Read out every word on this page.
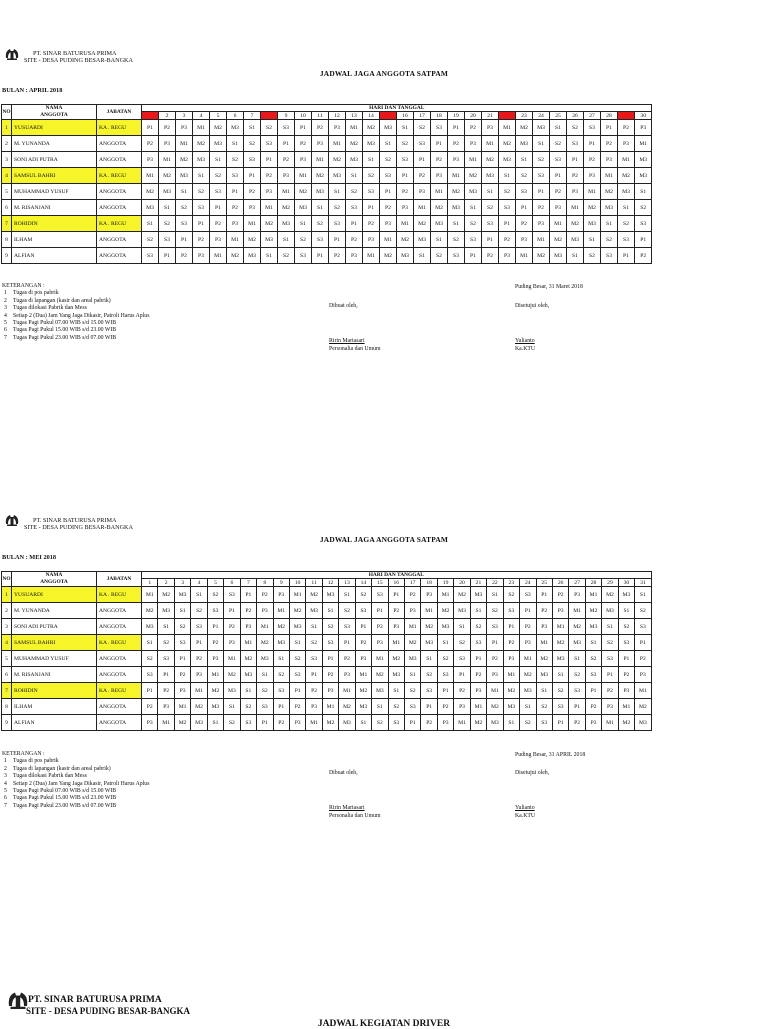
PT. SINAR BATURUSA PRIMA
SITE - DESA PUDING BESAR-BANGKA
JADWAL JAGA ANGGOTA SATPAM
BULAN : APRIL 2018
NO	NAMA	JABATAN	HARI DAN TANGGAL																													
	ANGGOTA		1	2	3	4	5	6	7	8	9	10	11	12	13	14	15	16	17	18	19	20	21	22	23	24	25	26	27	28	29	30
1	YUSUARDI	KA . REGU	P1	P2	P3	M1	M2	M3	S1	S2	S3	P1	P2	P3	M1	M2	M3	S1	S2	S3	P1	P2	P3	M1	M2	M3	S1	S2	S3	P1	P2	P3
2	M. YUNANDA	ANGGOTA	P2	P3	M1	M2	M3	S1	S2	S3	P1	P2	P3	M1	M2	M3	S1	S2	S3	P1	P2	P3	M1	M2	M3	S1	S2	S3	P1	P2	P3	M1
3	SONI ADI PUTRA	ANGGOTA	P3	M1	M2	M3	S1	S2	S3	P1	P2	P3	M1	M2	M3	S1	S2	S3	P1	P2	P3	M1	M2	M3	S1	S2	S3	P1	P2	P3	M1	M3
4	SAMSUL BAHRI	KA . REGU	M1	M2	M3	S1	S2	S3	P1	P2	P3	M1	M2	M3	S1	S2	S3	P1	P2	P3	M1	M2	M3	S1	S2	S3	P1	P2	P3	M1	M2	M3
5	MUHAMMAD YUSUF	ANGGOTA	M2	M3	S1	S2	S3	P1	P2	P3	M1	M2	M3	S1	S2	S3	P1	P2	P3	M1	M2	M3	S1	S2	S3	P1	P2	P3	M1	M2	M3	S1
6	M. RISANJANI	ANGGOTA	M3	S1	S2	S3	P1	P2	P3	M1	M2	M3	S1	S2	S3	P1	P2	P3	M1	M2	M3	S1	S2	S3	P1	P2	P3	M1	M2	M3	S1	S2
7	ROHIDIN	KA . REGU	S1	S2	S3	P1	P2	P3	M1	M2	M3	S1	S2	S3	P1	P2	P3	M1	M2	M3	S1	S2	S3	P1	P2	P3	M1	M2	M3	S1	S2	S3
8	ILHAM	ANGGOTA	S2	S3	P1	P2	P3	M1	M2	M3	S1	S2	S3	P1	P2	P3	M1	M2	M3	S1	S2	S3	P1	P2	P3	M1	M2	M3	S1	S2	S3	P1
9	ALFIAN	ANGGOTA	S3	P1	P2	P3	M1	M2	M3	S1	S2	S3	P1	P2	P3	M1	M2	M3	S1	S2	S3	P1	P2	P3	M1	M2	M3	S1	S2	S3	P1	P2
KETERANGAN :
1	Tugas di pos pabrik
2	Tugas di lapangan (kasir dan areal pabrik)
3	Tugas dilokasi Pabrik dan Mess
4	Setiap 2 (Dua) Jam Yang Jaga Dikasir, Patroli Harus Aplus
5	Tugas Pagi Pukul 07.00 WIB s/d 15.00 WIB
6	Tugas Pagi Pukul 15.00 WIB s/d 23.00 WIB
7	Tugas Pagi Pukul 23.00 WIB s/d 07.00 WIB
Puding Besar, 31 Maret 2018
Dibuat oleh,	Disetujui oleh,
Ririn Martasari
Personalia dan Umum
Yulianto
Ka.KTU
PT. SINAR BATURUSA PRIMA
SITE - DESA PUDING BESAR-BANGKA
JADWAL JAGA ANGGOTA SATPAM
BULAN : MEI 2018
NO	NAMA	JABATAN	HARI DAN TANGGAL																														
	ANGGOTA		1	2	3	4	5	6	7	8	9	10	11	12	13	14	15	16	17	18	19	20	21	22	23	24	25	26	27	28	29	30	31
1	YUSUARDI	KA . REGU	M1	M2	M3	S1	S2	S3	P1	P2	P3	M1	M2	M3	S1	S2	S3	P1	P2	P3	M1	M2	M3	S1	S2	S3	P1	P2	P3	M1	M2	M3	S1
2	M. YUNANDA	ANGGOTA	M2	M3	S1	S2	S3	P1	P2	P3	M1	M2	M3	S1	S2	S3	P1	P2	P3	M1	M2	M3	S1	S2	S3	P1	P2	P3	M1	M2	M3	S1	S2
3	SONI ADI PUTRA	ANGGOTA	M3	S1	S2	S3	P1	P2	P3	M1	M2	M3	S1	S2	S3	P1	P2	P3	M1	M2	M3	S1	S2	S3	P1	P2	P3	M1	M2	M3	S1	S2	S3
4	SAMSUL BAHRI	KA . REGU	S1	S2	S3	P1	P2	P3	M1	M2	M3	S1	S2	S3	P1	P2	P3	M1	M2	M3	S1	S2	S3	P1	P2	P3	M1	M2	M3	S1	S2	S3	P1
5	MUHAMMAD YUSUF	ANGGOTA	S2	S3	P1	P2	P3	M1	M2	M3	S1	S2	S3	P1	P2	P3	M1	M2	M3	S1	S2	S3	P1	P2	P3	M1	M2	M3	S1	S2	S3	P1	P2
6	M. RISANJANI	ANGGOTA	S3	P1	P2	P3	M1	M2	M3	S1	S2	S3	P1	P2	P3	M1	M2	M3	S1	S2	S3	P1	P2	P3	M1	M2	M3	S1	S2	S3	P1	P2	P3
7	ROHIDIN	KA . REGU	P1	P2	P3	M1	M2	M3	S1	S2	S3	P1	P2	P3	M1	M2	M3	S1	S2	S3	P1	P2	P3	M1	M2	M3	S1	S2	S3	P1	P2	P3	M1
8	ILHAM	ANGGOTA	P2	P3	M1	M2	M3	S1	S2	S3	P1	P2	P3	M1	M2	M3	S1	S2	S3	P1	P2	P3	M1	M2	M3	S1	S2	S3	P1	P2	P3	M1	M2
9	ALFIAN	ANGGOTA	P3	M1	M2	M3	S1	S2	S3	P1	P2	P3	M1	M2	M3	S1	S2	S3	P1	P2	P3	M1	M2	M3	S1	S2	S3	P1	P2	P3	M1	M2	M3
KETERANGAN :
1	Tugas di pos pabrik
2	Tugas di lapangan (kasir dan areal pabrik)
3	Tugas dilokasi Pabrik dan Mess
4	Setiap 2 (Dua) Jam Yang Jaga Dikasir, Patroli Harus Aplus
5	Tugas Pagi Pukul 07.00 WIB s/d 15.00 WIB
6	Tugas Pagi Pukul 15.00 WIB s/d 23.00 WIB
7	Tugas Pagi Pukul 23.00 WIB s/d 07.00 WIB
Puding Besar, 31 APRIL 2018
Dibuat oleh,	Disetujui oleh,
Ririn Martasari
Personalia dan Umum
Yulianto
Ka.KTU
PT. SINAR BATURUSA PRIMA
SITE - DESA PUDING BESAR-BANGKA
JADWAL KEGIATAN DRIVER
